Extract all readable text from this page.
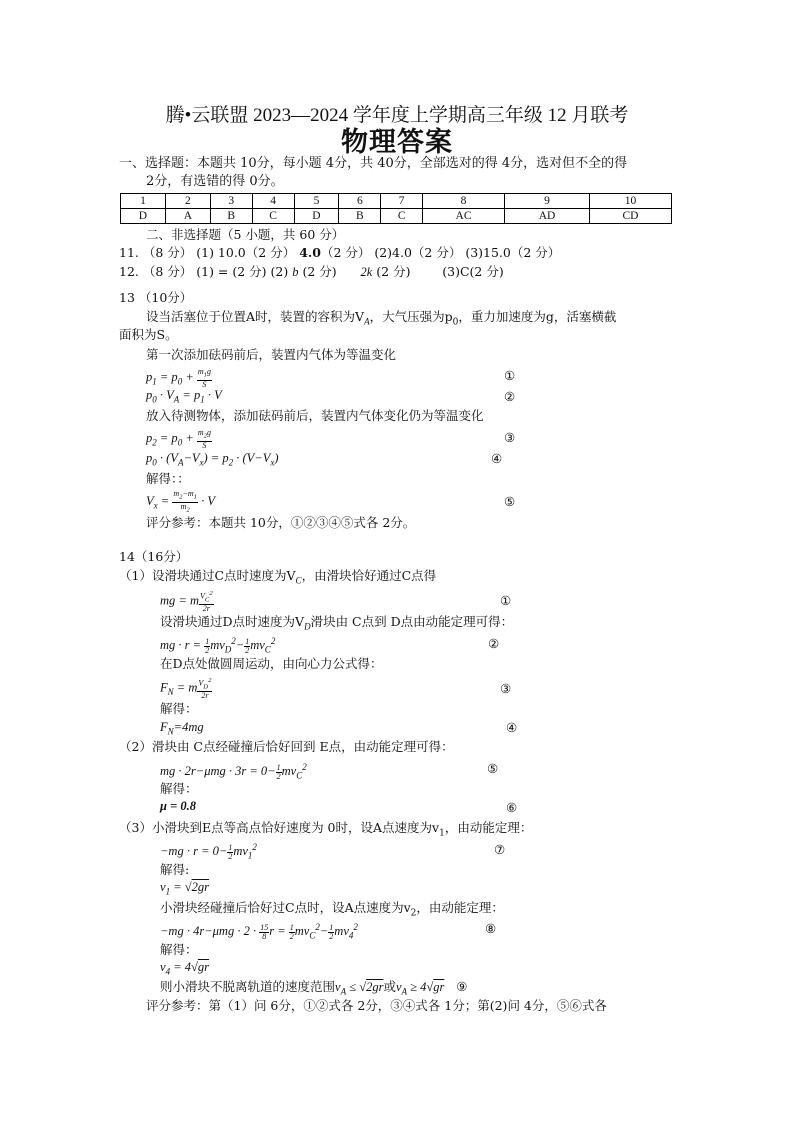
腾•云联盟 2023—2024 学年度上学期高三年级 12 月联考
物理答案
一、选择题：本题共 10分，每小题 4分，共 40分，全部选对的得 4分，选对但不全的得
2分，有选错的得 0分。
1	2	3	4	5	6	7	8	9	10
D	A	B	C	D	B	C	AC	AD	CD
二、非选择题（5 小题，共 60 分）
11. （8 分） (1) 10.0（2 分） 4.0（2 分） (2)4.0（2 分） (3)15.0（2 分）
12. （8 分） (1) = (2 分) (2) b (2 分) 2k (2 分)	(3)C(2 分)
13 （10分）
设当活塞位于位置A时，装置的容积为$V_A$，大气压强为$p_0$，重力加速度为g，活塞横截
面积为S。
第一次添加砝码前后，装置内气体为等温变化
$p_1 = p_0 + \frac{m_1g}{S}$	①
$p_0 \cdot V_A = p_1 \cdot V$	②
放入待测物体，添加砝码前后，装置内气体变化仍为等温变化
$p_2 = p_0 + \frac{m_2g}{S}$	③
$p_0 \cdot (V_A-V_x) = p_2 \cdot (V-V_x)$	④
解得：：
$V_x = \frac{m_2-m_1}{m_2} \cdot V$	⑤
评分参考：本题共 10分，①②③④⑤式各 2分。
14（16分）
（1）设滑块通过C点时速度为$V_C$，由滑块恰好通过C点得
mg = m $\frac{V_C^2}{2r}$	①
设滑块通过D点时速度为$V_D$滑块由 C点到 D点由动能定理可得：
mg · $r = \frac{1}{2} mv_D^2- \frac{1}{2} mv_C^2$	②
在D点处做圆周运动，由向心力公式得：
$F_N = m \frac{V_D^2}{2r}$	③
解得：
$F_N=4mg$	④
（2）滑块由 C点经碰撞后恰好回到 E点，由动能定理可得：
mg · $2r-\mu mg \cdot 3r = 0- \frac{1}{2} mv_C^2$	⑤
解得：
μ = 0.8	⑥
（3）小滑块到E点等高点恰好速度为 0时，设A点速度为$v_1$，由动能定理：
$-mg \cdot r = 0- \frac{1}{2} mv_1^2$	⑦
解得:
$v_1 = √2gr$
小滑块经碰撞后恰好过C点时，设A点速度为$v_2$，由动能定理：
$-mg \cdot 4r-\mu mg \cdot 2 \cdot \frac{15}{8}$ $r = \frac{1}{2} mv_C^2- \frac{1}{2} mv_4^2$	⑧
解得：
$v_4 = 4√gr$
则小滑块不脱离轨道的速度范围$v_A \le √2gr$或$v_A \ge 4√gr$ ⑨
评分参考：第（1）问 6分，①②式各 2分，③④式各 1分；第(2)问 4分，⑤⑥式各
